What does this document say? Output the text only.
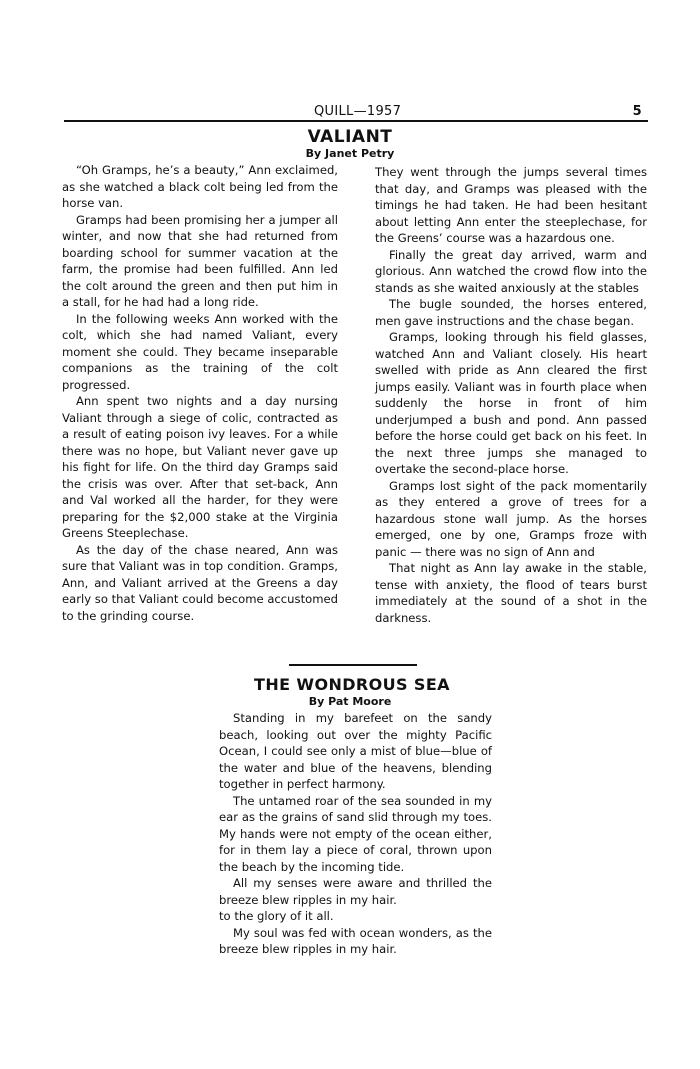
QUILL—1957	5
VALIANT
By Janet Petry

“Oh Gramps, he’s a beauty,” Ann exclaimed, as she watched a black colt being led from the horse van.

Gramps had been promising her a jumper all winter, and now that she had returned from boarding school for summer vacation at the farm, the promise had been fulfilled. Ann led the colt around the green and then put him in a stall, for he had had a long ride.

In the following weeks Ann worked with the colt, which she had named Valiant, every moment she could. They became inseparable companions as the training of the colt progressed.

Ann spent two nights and a day nursing Valiant through a siege of colic, contracted as a result of eating poison ivy leaves. For a while there was no hope, but Valiant never gave up his fight for life. On the third day Gramps said the crisis was over. After that set-back, Ann and Val worked all the harder, for they were preparing for the $2,000 stake at the Virginia Greens Steeplechase.

As the day of the chase neared, Ann was sure that Valiant was in top condition. Gramps, Ann, and Valiant arrived at the Greens a day early so that Valiant could become accustomed to the grinding course.

They went through the jumps several times that day, and Gramps was pleased with the timings he had taken. He had been hesitant about letting Ann enter the steeplechase, for the Greens’ course was a hazardous one.

Finally the great day arrived, warm and glorious. Ann watched the crowd flow into the stands as she waited anxiously at the stables

The bugle sounded, the horses entered, men gave instructions and the chase began.

Gramps, looking through his field glasses, watched Ann and Valiant closely. His heart swelled with pride as Ann cleared the first jumps easily. Valiant was in fourth place when suddenly the horse in front of him underjumped a bush and pond. Ann passed before the horse could get back on his feet. In the next three jumps she managed to overtake the second-place horse.

Gramps lost sight of the pack momentarily as they entered a grove of trees for a hazardous stone wall jump. As the horses emerged, one by one, Gramps froze with panic — there was no sign of Ann and

That night as Ann lay awake in the stable, tense with anxiety, the flood of tears burst immediately at the sound of a shot in the darkness.

THE WONDROUS SEA
By Pat Moore

Standing in my barefeet on the sandy beach, looking out over the mighty Pacific Ocean, I could see only a mist of blue—blue of the water and blue of the heavens, blending together in perfect harmony.

The untamed roar of the sea sounded in my ear as the grains of sand slid through my toes. My hands were not empty of the ocean either, for in them lay a piece of coral, thrown upon the beach by the incoming tide.

All my senses were aware and thrilled the breeze blew ripples in my hair.

to the glory of it all.

My soul was fed with ocean wonders, as the breeze blew ripples in my hair.
